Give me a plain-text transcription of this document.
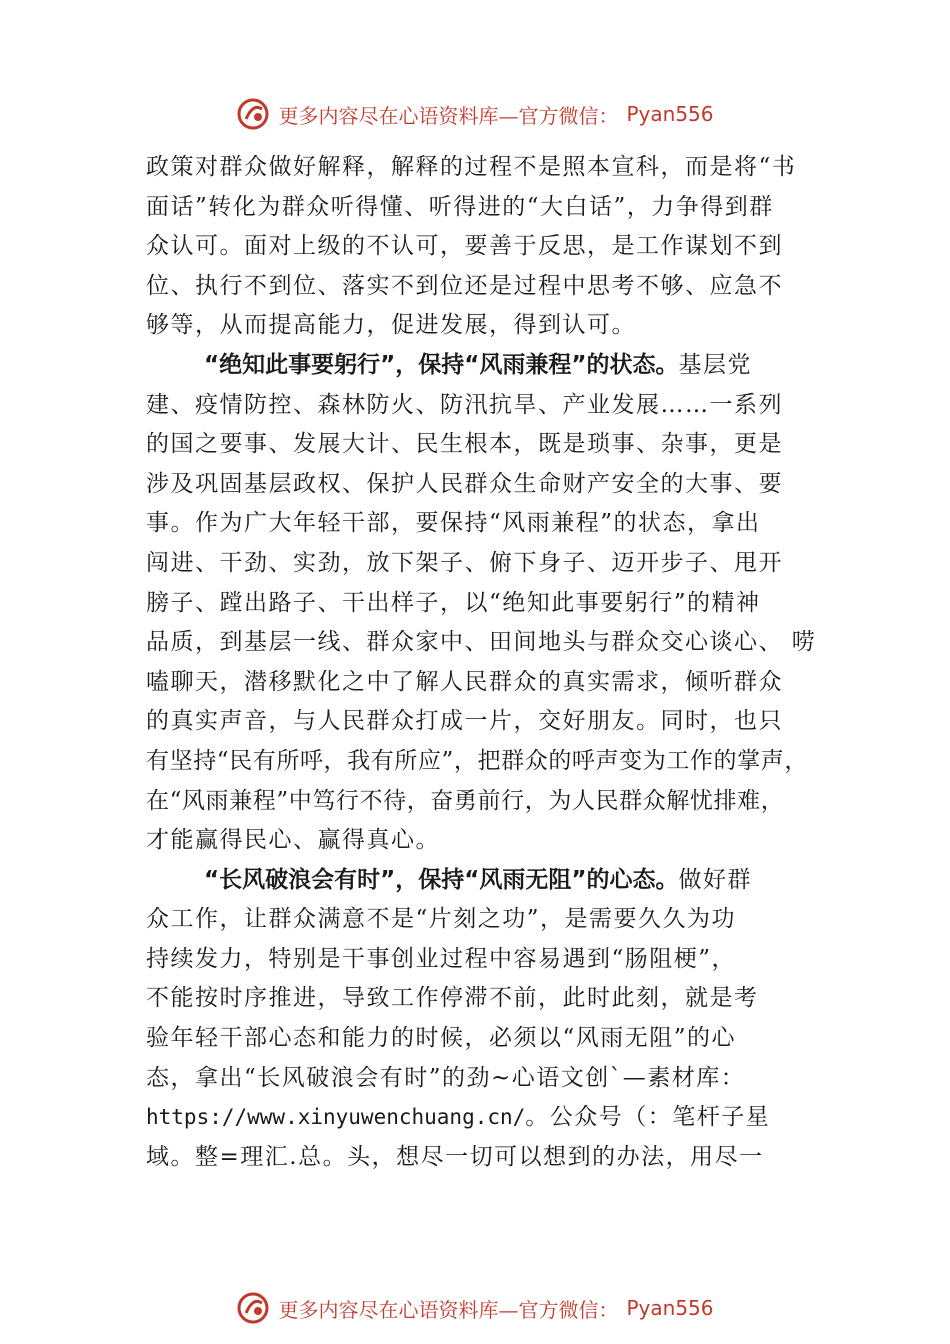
更多内容尽在心语资料库—官方微信： Pyan556
政策对群众做好解释，解释的过程不是照本宣科，而是将“书
面话”转化为群众听得懂、听得进的“大白话”，力争得到群
众认可。面对上级的不认可，要善于反思，是工作谋划不到
位、执行不到位、落实不到位还是过程中思考不够、应急不
够等，从而提高能力，促进发展，得到认可。
“绝知此事要躬行”，保持“风雨兼程”的状态。基层党
建、疫情防控、森林防火、防汛抗旱、产业发展……一系列
的国之要事、发展大计、民生根本，既是琐事、杂事，更是
涉及巩固基层政权、保护人民群众生命财产安全的大事、要
事。作为广大年轻干部，要保持“风雨兼程”的状态，拿出
闯进、干劲、实劲，放下架子、俯下身子、迈开步子、甩开
膀子、蹚出路子、干出样子，以“绝知此事要躬行”的精神
品质，到基层一线、群众家中、田间地头与群众交心谈心、 唠
嗑聊天，潜移默化之中了解人民群众的真实需求，倾听群众
的真实声音，与人民群众打成一片，交好朋友。同时，也只
有坚持“民有所呼，我有所应”，把群众的呼声变为工作的掌声，
在“风雨兼程”中笃行不待，奋勇前行，为人民群众解忧排难，
才能赢得民心、赢得真心。
“长风破浪会有时”，保持“风雨无阻”的心态。做好群
众工作，让群众满意不是“片刻之功”，是需要久久为功
持续发力，特别是干事创业过程中容易遇到“肠阻梗”，
不能按时序推进，导致工作停滞不前，此时此刻，就是考
验年轻干部心态和能力的时候，必须以“风雨无阻”的心
态，拿出“长风破浪会有时”的劲~心语文创`—素材库：
https://www.xinyuwenchuang.cn/。公众号（：笔杆子星
域。整=理汇.总。头，想尽一切可以想到的办法，用尽一
更多内容尽在心语资料库—官方微信： Pyan556
